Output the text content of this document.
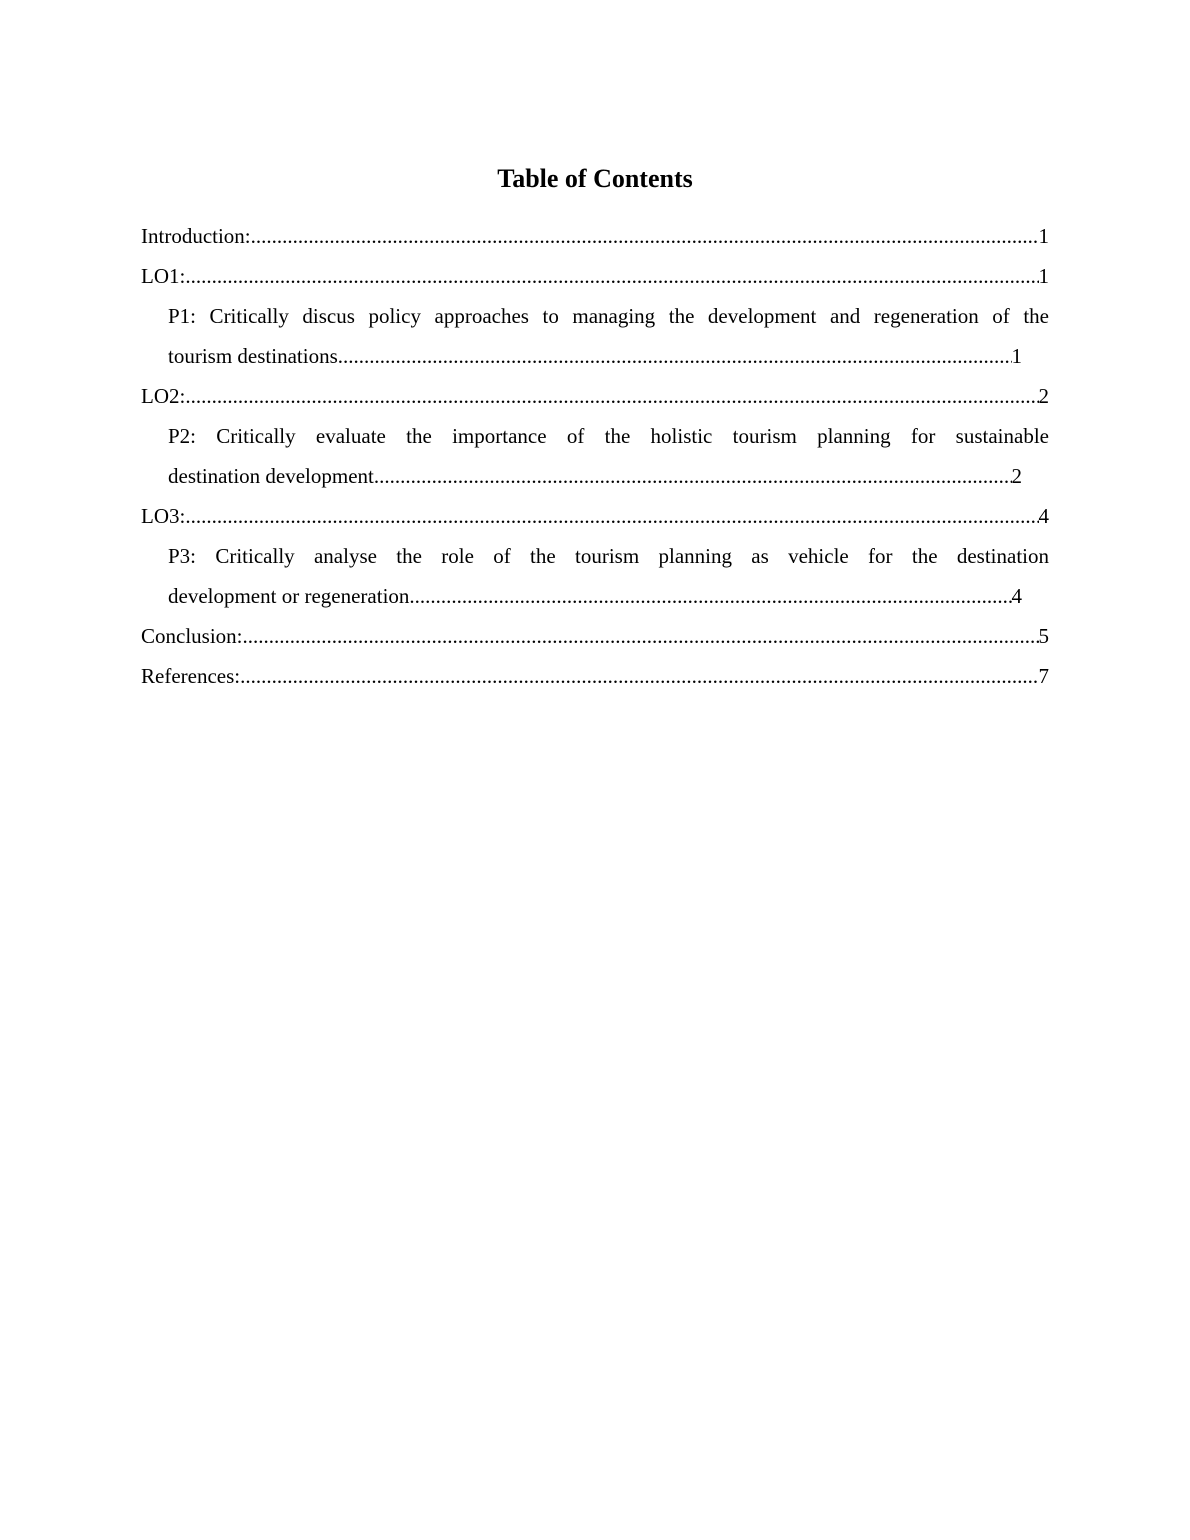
Table of Contents
Introduction: .....	1
LO1: .....	1
P1: Critically discus policy approaches to managing the development and regeneration of the
tourism destinations .....	1
LO2: .....	2
P2: Critically evaluate the importance of the holistic tourism planning for sustainable
destination development .....	2
LO3: .....	4
P3: Critically analyse the role of the tourism planning as vehicle for the destination
development or regeneration .....	4
Conclusion: .....	5
References: .....	7
